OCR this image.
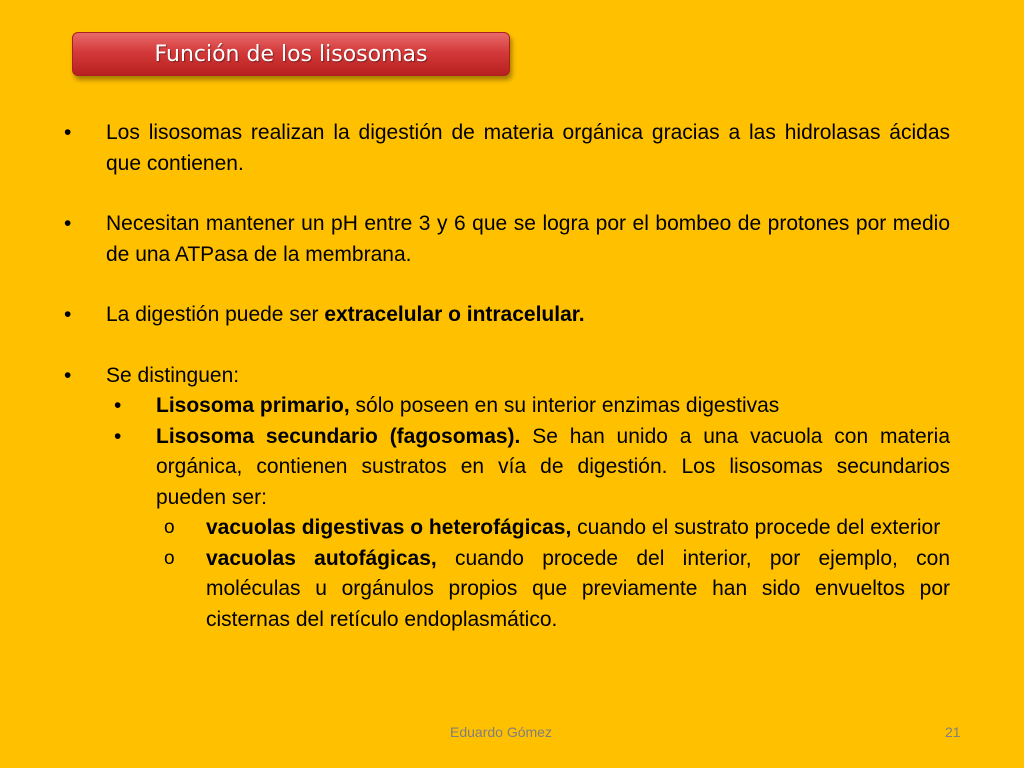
Función de los lisosomas
•	Los lisosomas realizan la digestión de materia orgánica gracias a las hidrolasas ácidas que contienen.
•	Necesitan mantener un pH entre 3 y 6 que se logra por el bombeo de protones por medio de una ATPasa de la membrana.
•	La digestión puede ser extracelular o intracelular.
•	Se distinguen:
•	Lisosoma primario, sólo poseen en su interior enzimas digestivas
•	Lisosoma secundario (fagosomas). Se han unido a una vacuola con materia orgánica, contienen sustratos en vía de digestión. Los lisosomas secundarios pueden ser:
o	vacuolas digestivas o heterofágicas, cuando el sustrato procede del exterior
o	vacuolas autofágicas, cuando procede del interior, por ejemplo, con moléculas u orgánulos propios que previamente han sido envueltos por cisternas del retículo endoplasmático.
Eduardo Gómez	21
